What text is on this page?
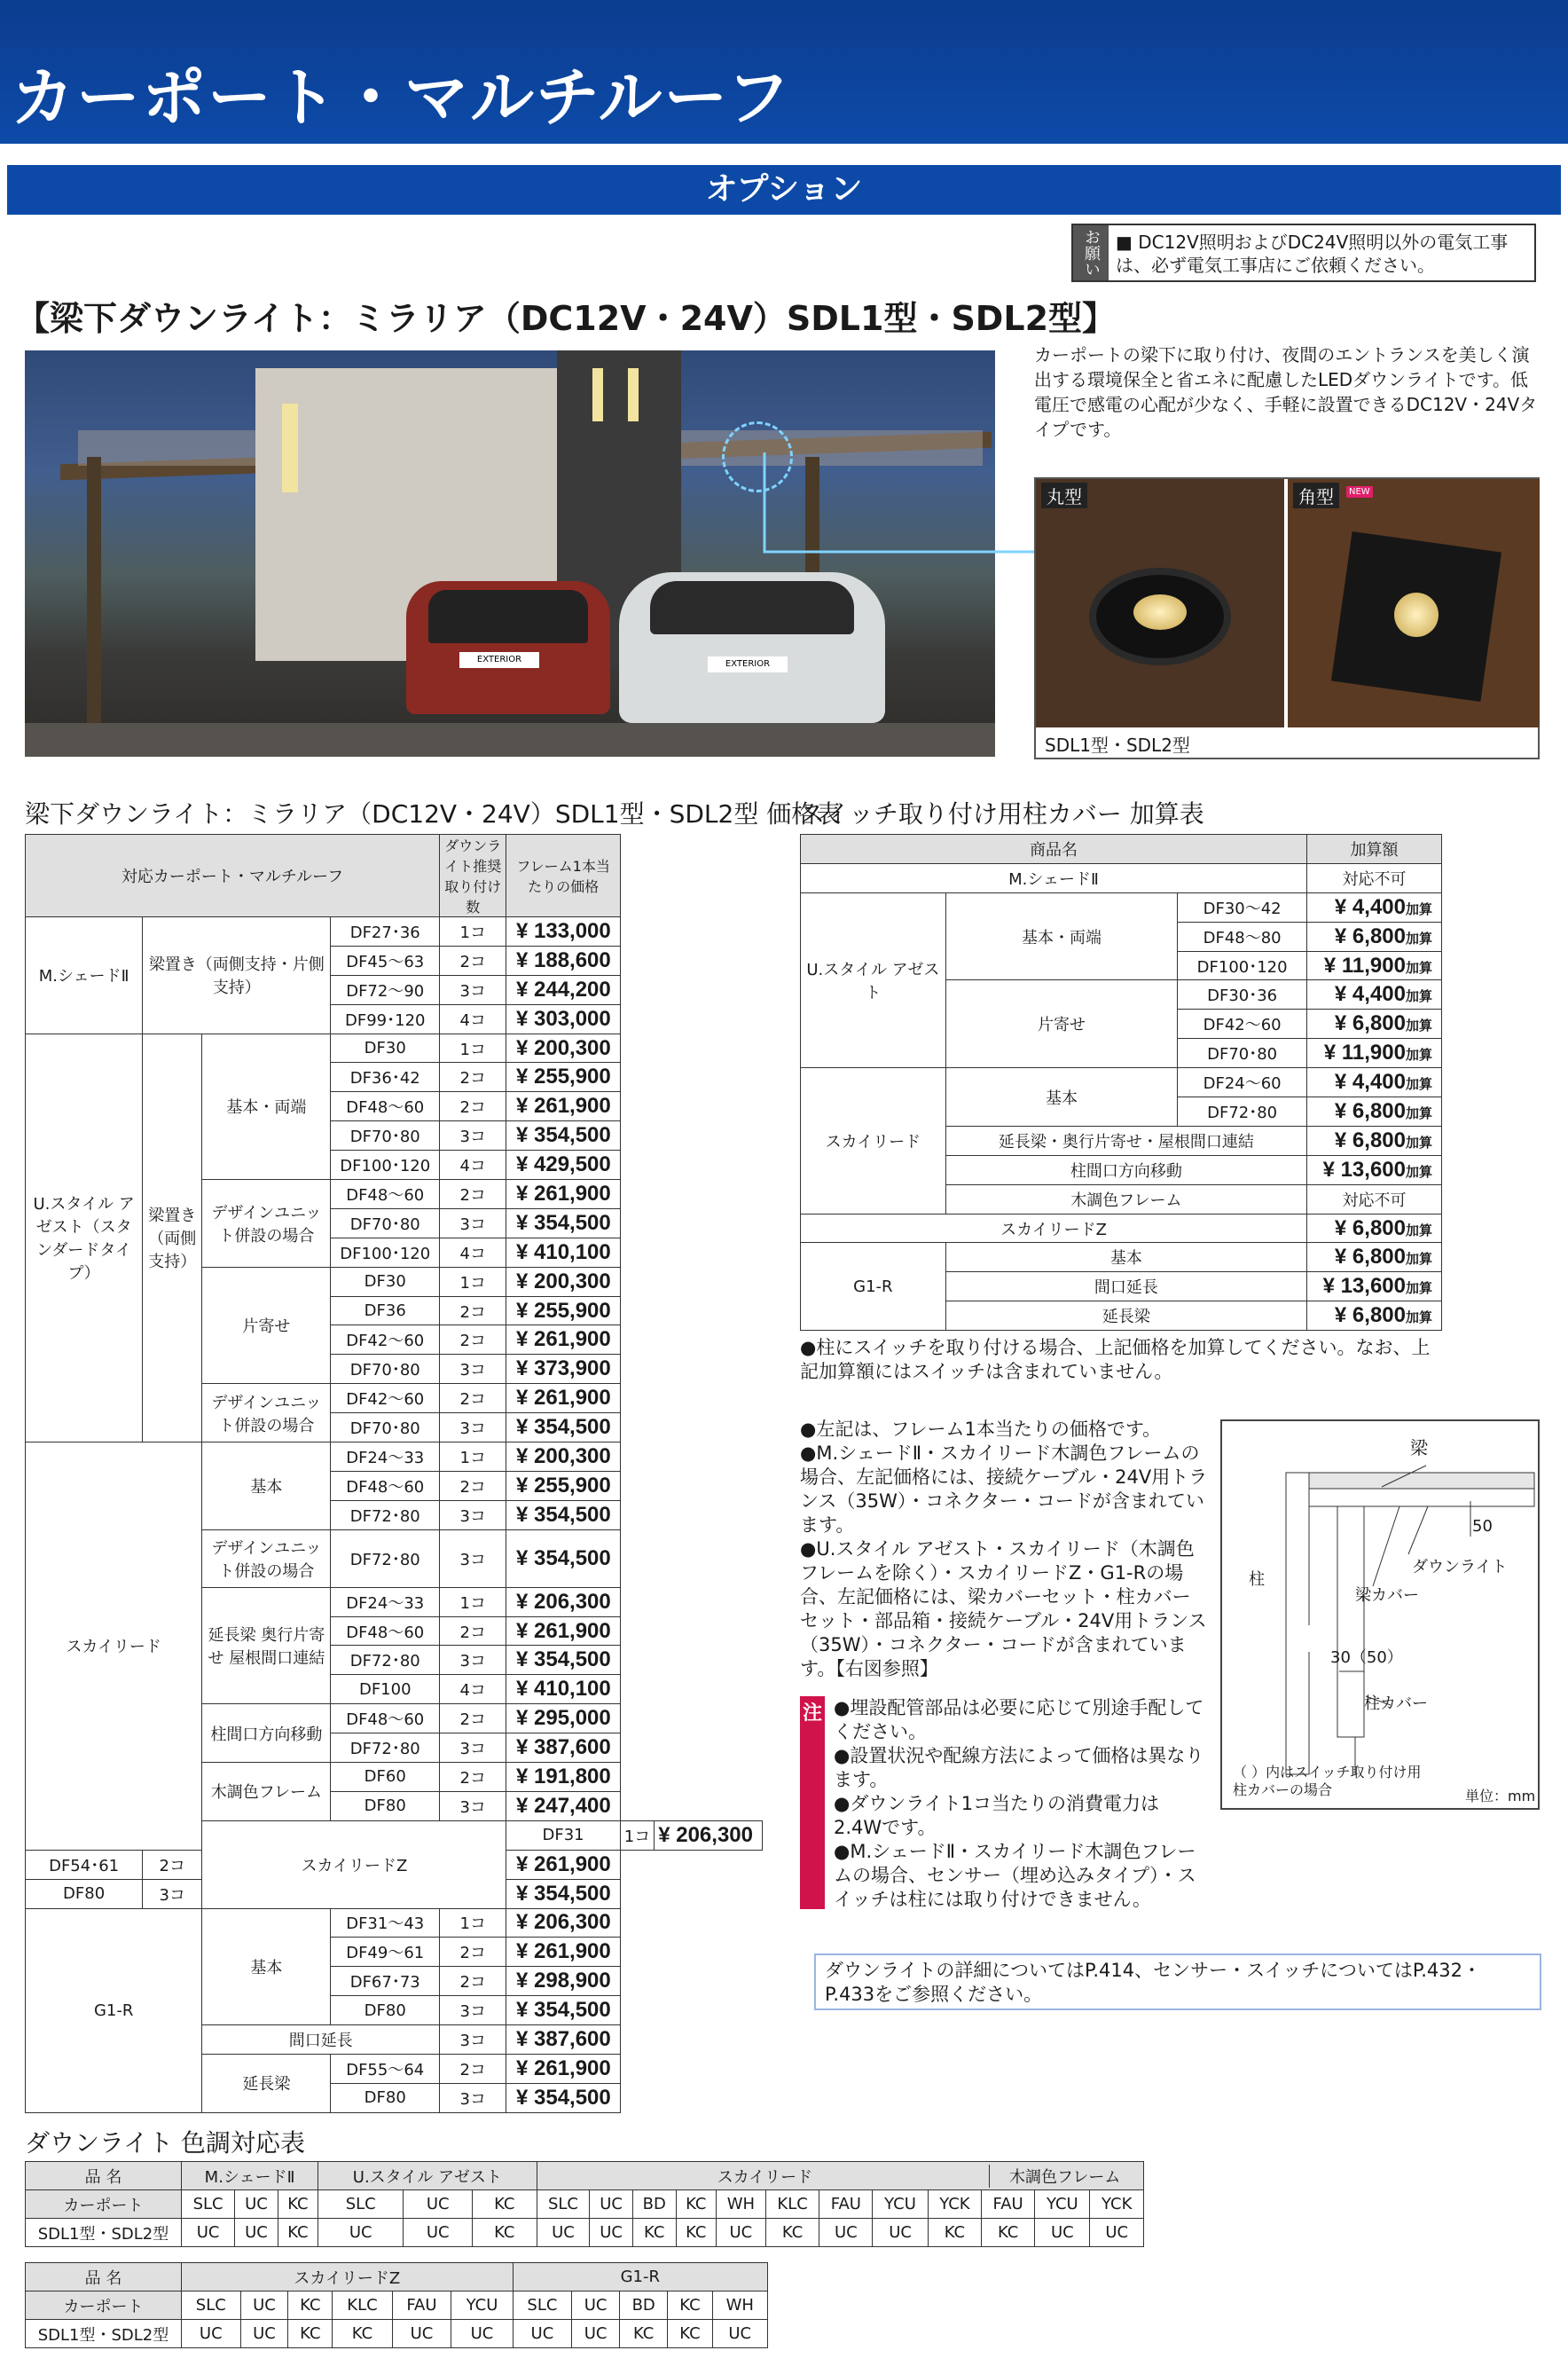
カーポート・マルチルーフ
オプション
お願い ■ DC12V照明およびDC24V照明以外の電気工事は、必ず電気工事店にご依頼ください。
【梁下ダウンライト：ミラリア（DC12V・24V）SDL1型・SDL2型】
EXTERIOR	EXTERIOR
カーポートの梁下に取り付け、夜間のエントランスを美しく演出する環境保全と省エネに配慮したLEDダウンライトです。低電圧で感電の心配が少なく、手軽に設置できるDC12V・24Vタイプです。
丸型	角型	NEW
SDL1型・SDL2型
梁下ダウンライト：ミラリア（DC12V・24V）SDL1型・SDL2型 価格表
対応カーポート・マルチルーフ				ダウンライト推奨取り付け数	フレーム1本当たりの価格		
M.シェードⅡ	梁置き（両側支持・片側支持）		DF27･36	1コ	¥ 133,000		
			DF45～63	2コ	¥ 188,600		
			DF72～90	3コ	¥ 244,200		
			DF99･120	4コ	¥ 303,000		
U.スタイル アゼスト（スタンダードタイプ）	梁置き（両側支持）	基本・両端	DF30	1コ	¥ 200,300		
			DF36･42	2コ	¥ 255,900		
			DF48～60	2コ	¥ 261,900		
			DF70･80	3コ	¥ 354,500		
			DF100･120	4コ	¥ 429,500		
		デザインユニット併設の場合	DF48～60	2コ	¥ 261,900		
			DF70･80	3コ	¥ 354,500		
			DF100･120	4コ	¥ 410,100		
		片寄せ	DF30	1コ	¥ 200,300		
			DF36	2コ	¥ 255,900		
			DF42～60	2コ	¥ 261,900		
			DF70･80	3コ	¥ 373,900		
		デザインユニット併設の場合	DF42～60	2コ	¥ 261,900		
			DF70･80	3コ	¥ 354,500		
スカイリード		基本	DF24～33	1コ	¥ 200,300		
			DF48～60	2コ	¥ 255,900		
			DF72･80	3コ	¥ 354,500		
		デザインユニット併設の場合	DF72･80	3コ	¥ 354,500		
		延長梁 奥行片寄せ 屋根間口連結	DF24～33	1コ	¥ 206,300		
			DF48～60	2コ	¥ 261,900		
			DF72･80	3コ	¥ 354,500		
			DF100	4コ	¥ 410,100		
		柱間口方向移動	DF48～60	2コ	¥ 295,000		
			DF72･80	3コ	¥ 387,600		
		木調色フレーム	DF60	2コ	¥ 191,800		
			DF80	3コ	¥ 247,400		
		スカイリードZ			DF31	1コ	¥ 206,300
DF54･61	2コ				¥ 261,900		
DF80	3コ				¥ 354,500		
G1-R		基本	DF31～43	1コ	¥ 206,300		
			DF49～61	2コ	¥ 261,900		
			DF67･73	2コ	¥ 298,900		
			DF80	3コ	¥ 354,500		
		間口延長		3コ	¥ 387,600		
		延長梁	DF55～64	2コ	¥ 261,900		
			DF80	3コ	¥ 354,500		
スイッチ取り付け用柱カバー 加算表
商品名			加算額
M.シェードⅡ			対応不可
U.スタイル アゼスト	基本・両端	DF30～42	¥ 4,400加算
		DF48～80	¥ 6,800加算
		DF100･120	¥ 11,900加算
	片寄せ	DF30･36	¥ 4,400加算
		DF42～60	¥ 6,800加算
		DF70･80	¥ 11,900加算
スカイリード	基本	DF24～60	¥ 4,400加算
		DF72･80	¥ 6,800加算
	延長梁・奥行片寄せ・屋根間口連結		¥ 6,800加算
	柱間口方向移動		¥ 13,600加算
	木調色フレーム		対応不可
スカイリードZ			¥ 6,800加算
G1-R	基本		¥ 6,800加算
	間口延長		¥ 13,600加算
	延長梁		¥ 6,800加算
●柱にスイッチを取り付ける場合、上記価格を加算してください。なお、上記加算額にはスイッチは含まれていません。
●左記は、フレーム1本当たりの価格です。
●M.シェードⅡ・スカイリード木調色フレームの場合、左記価格には、接続ケーブル・24V用トランス（35W）・コネクター・コードが含まれています。
●U.スタイル アゼスト・スカイリード（木調色フレームを除く）・スカイリードZ・G1-Rの場合、左記価格には、梁カバーセット・柱カバーセット・部品箱・接続ケーブル・24V用トランス（35W）・コネクター・コードが含まれています。【右図参照】
注 ●埋設配管部品は必要に応じて別途手配してください。
●設置状況や配線方法によって価格は異なります。
●ダウンライト1コ当たりの消費電力は2.4Wです。
●M.シェードⅡ・スカイリード木調色フレームの場合、センサー（埋め込みタイプ）・スイッチは柱には取り付けできません。
梁
50
ダウンライト
柱
梁カバー
30（50）
柱カバー
（ ）内はスイッチ取り付け用柱カバーの場合	単位：mm
ダウンライトの詳細についてはP.414、センサー・スイッチについてはP.432・P.433をご参照ください。
ダウンライト 色調対応表
品 名	M.シェードⅡ			U.スタイル アゼスト			スカイリード 木調色フレーム											

カーポート	SLC	UC	KC	SLC	UC	KC	SLC	UC	BD	KC	WH	KLC	FAU	YCU	YCK	FAU	YCU	YCK
SDL1型・SDL2型	UC	UC	KC	UC	UC	KC	UC	UC	KC	KC	UC	KC	UC	UC	KC	KC	UC	UC
品 名	スカイリードZ						G1-R				
カーポート	SLC	UC	KC	KLC	FAU	YCU	SLC	UC	BD	KC	WH
SDL1型・SDL2型	UC	UC	KC	KC	UC	UC	UC	UC	KC	KC	UC
